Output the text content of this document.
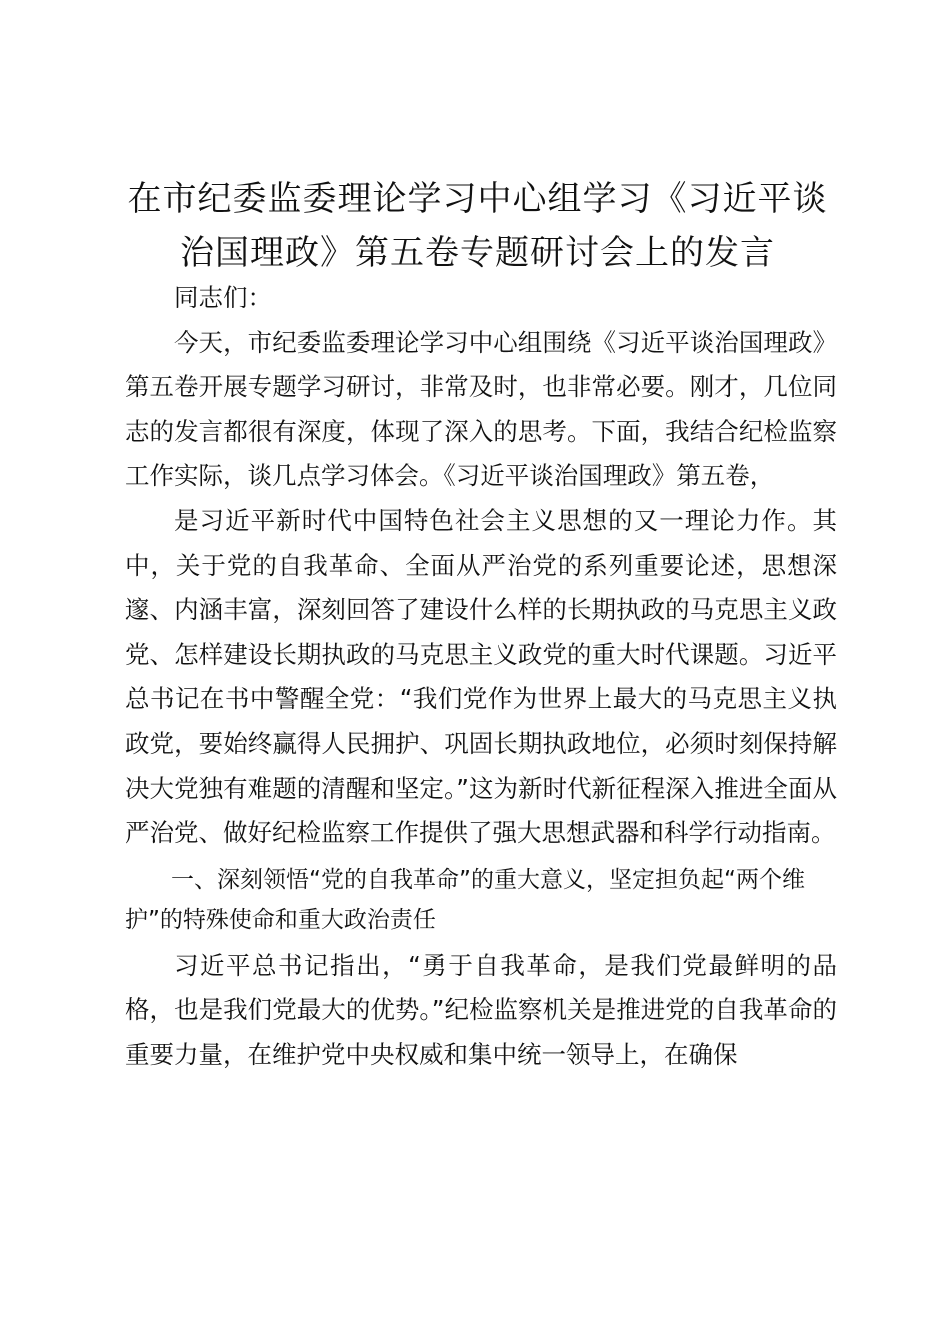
在市纪委监委理论学习中心组学习《习近平谈
治国理政》第五卷专题研讨会上的发言

同志们：

今天，市纪委监委理论学习中心组围绕《习近平谈治国理政》第五卷开展专题学习研讨，非常及时，也非常必要。刚才，几位同志的发言都很有深度，体现了深入的思考。下面，我结合纪检监察工作实际，谈几点学习体会。《习近平谈治国理政》第五卷，

是习近平新时代中国特色社会主义思想的又一理论力作。其中，关于党的自我革命、全面从严治党的系列重要论述，思想深邃、内涵丰富，深刻回答了建设什么样的长期执政的马克思主义政党、怎样建设长期执政的马克思主义政党的重大时代课题。习近平总书记在书中警醒全党：“我们党作为世界上最大的马克思主义执政党，要始终赢得人民拥护、巩固长期执政地位，必须时刻保持解决大党独有难题的清醒和坚定。”这为新时代新征程深入推进全面从严治党、做好纪检监察工作提供了强大思想武器和科学行动指南。

一、深刻领悟“党的自我革命”的重大意义，坚定担负起“两个维护”的特殊使命和重大政治责任

习近平总书记指出，“勇于自我革命，是我们党最鲜明的品格，也是我们党最大的优势。”纪检监察机关是推进党的自我革命的重要力量，在维护党中央权威和集中统一领导上，在确保
